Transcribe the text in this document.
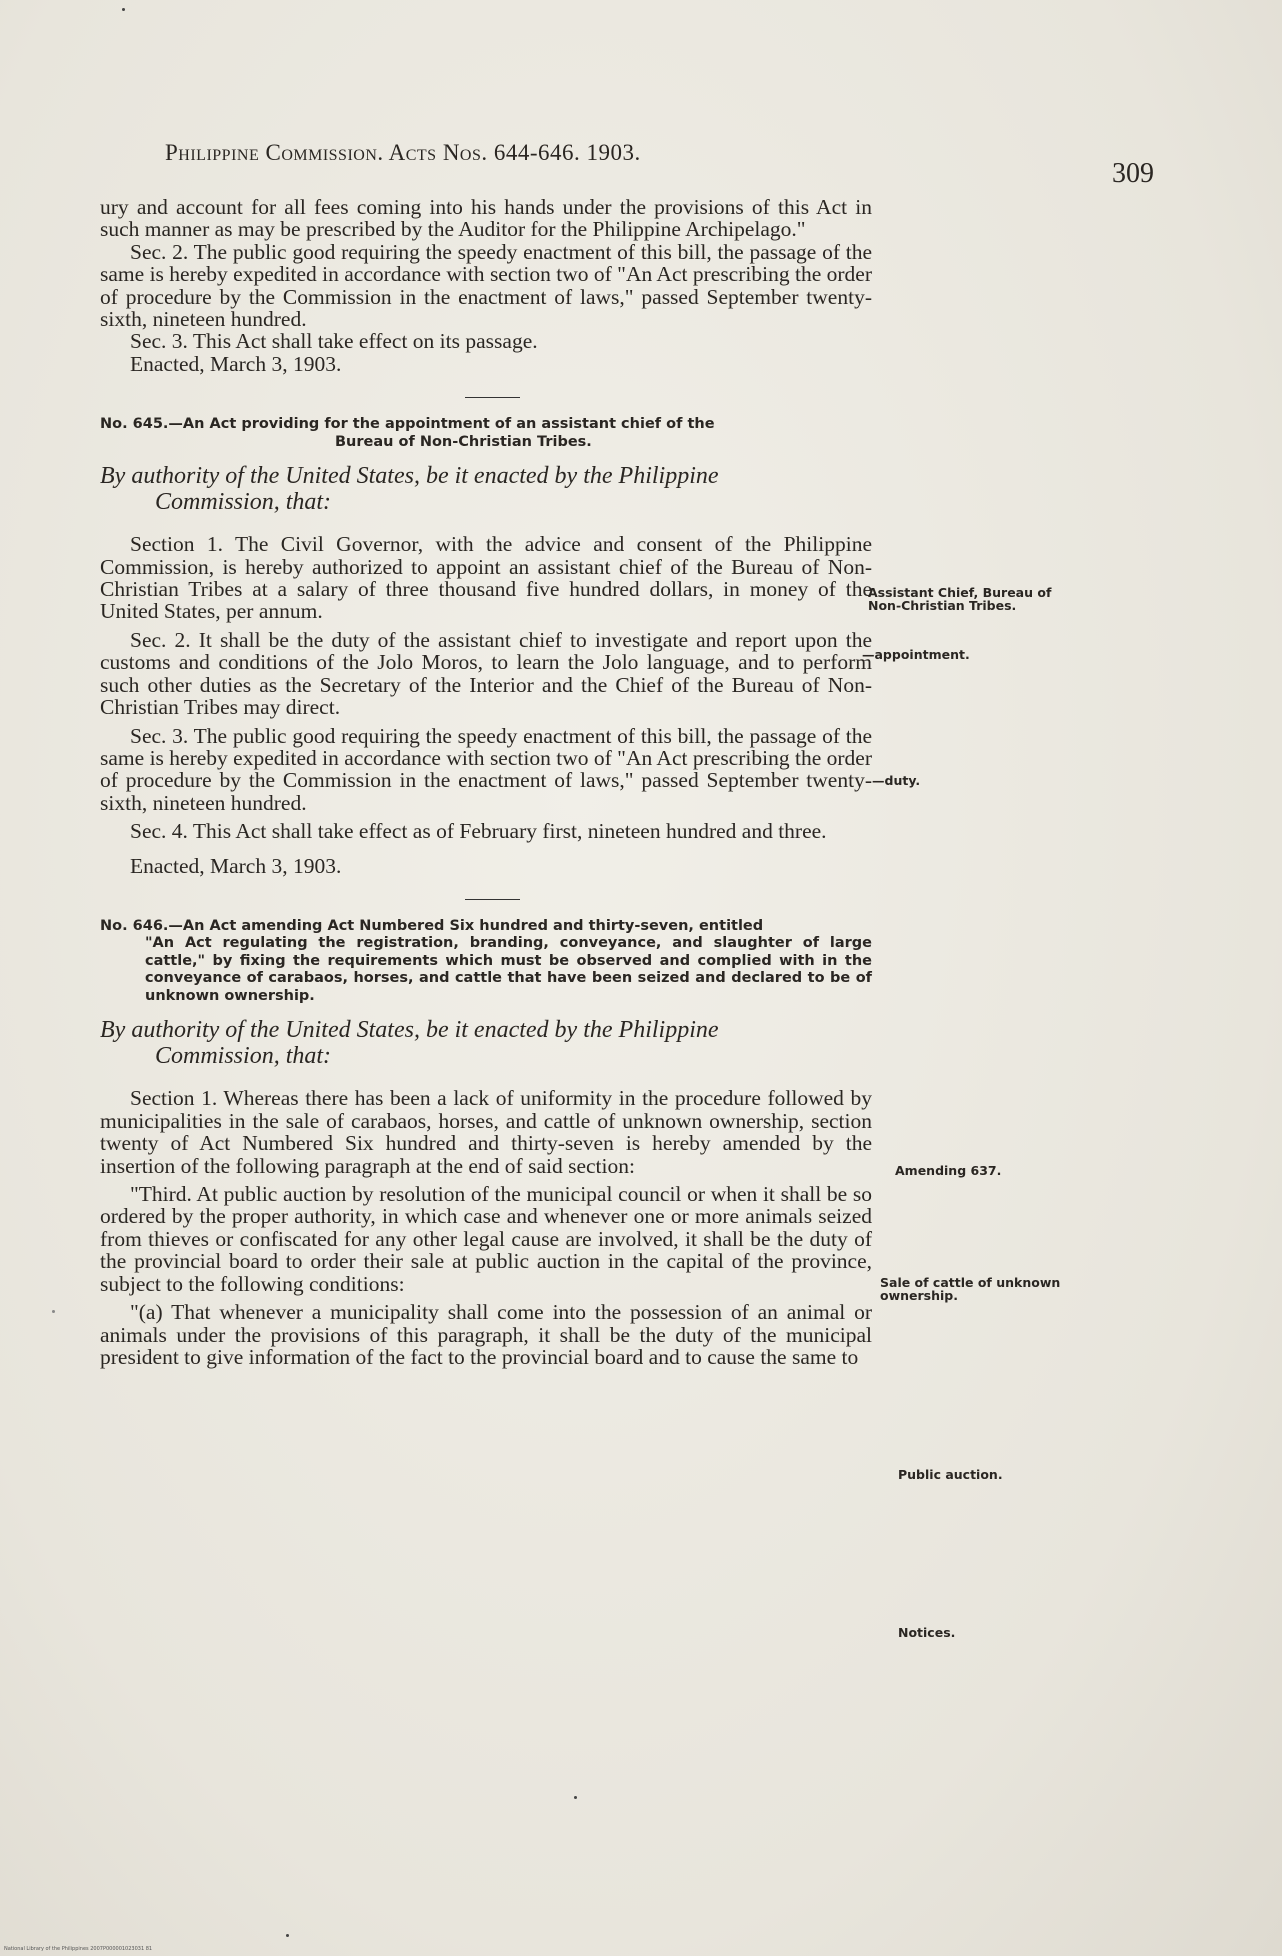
Philippine Commission. Acts Nos. 644-646. 1903.
309

ury and account for all fees coming into his hands under the provisions of this Act in such manner as may be prescribed by the Auditor for the Philippine Archipelago."

Sec. 2. The public good requiring the speedy enactment of this bill, the passage of the same is hereby expedited in accordance with section two of "An Act prescribing the order of procedure by the Commission in the enactment of laws," passed September twenty-sixth, nineteen hundred.

Sec. 3. This Act shall take effect on its passage.

Enacted, March 3, 1903.

No. 645.—An Act providing for the appointment of an assistant chief of the
Bureau of Non-Christian Tribes.
By authority of the United States, be it enacted by the Philippine
Commission, that:

Section 1. The Civil Governor, with the advice and consent of the Philippine Commission, is hereby authorized to appoint an assistant chief of the Bureau of Non-Christian Tribes at a salary of three thousand five hundred dollars, in money of the United States, per annum.

Sec. 2. It shall be the duty of the assistant chief to investigate and report upon the customs and conditions of the Jolo Moros, to learn the Jolo language, and to perform such other duties as the Secretary of the Interior and the Chief of the Bureau of Non-Christian Tribes may direct.

Sec. 3. The public good requiring the speedy enactment of this bill, the passage of the same is hereby expedited in accordance with section two of "An Act prescribing the order of procedure by the Commission in the enactment of laws," passed September twenty-sixth, nineteen hundred.

Sec. 4. This Act shall take effect as of February first, nineteen hundred and three.

Enacted, March 3, 1903.

No. 646.—An Act amending Act Numbered Six hundred and thirty-seven, entitled
"An Act regulating the registration, branding, conveyance, and slaughter of large cattle," by fixing the requirements which must be observed and complied with in the conveyance of carabaos, horses, and cattle that have been seized and declared to be of unknown ownership.
By authority of the United States, be it enacted by the Philippine
Commission, that:

Section 1. Whereas there has been a lack of uniformity in the procedure followed by municipalities in the sale of carabaos, horses, and cattle of unknown ownership, section twenty of Act Numbered Six hundred and thirty-seven is hereby amended by the insertion of the following paragraph at the end of said section:

"Third. At public auction by resolution of the municipal council or when it shall be so ordered by the proper authority, in which case and whenever one or more animals seized from thieves or confiscated for any other legal cause are involved, it shall be the duty of the provincial board to order their sale at public auction in the capital of the province, subject to the following conditions:

"(a) That whenever a municipality shall come into the possession of an animal or animals under the provisions of this paragraph, it shall be the duty of the municipal president to give information of the fact to the provincial board and to cause the same to

Assistant Chief, Bureau of Non-Christian Tribes.
—appointment.
—duty.
Amending 637.
Sale of cattle of unknown ownership.
Public auction.
Notices.
National Library of the Philippines 2007P000001023031 81
